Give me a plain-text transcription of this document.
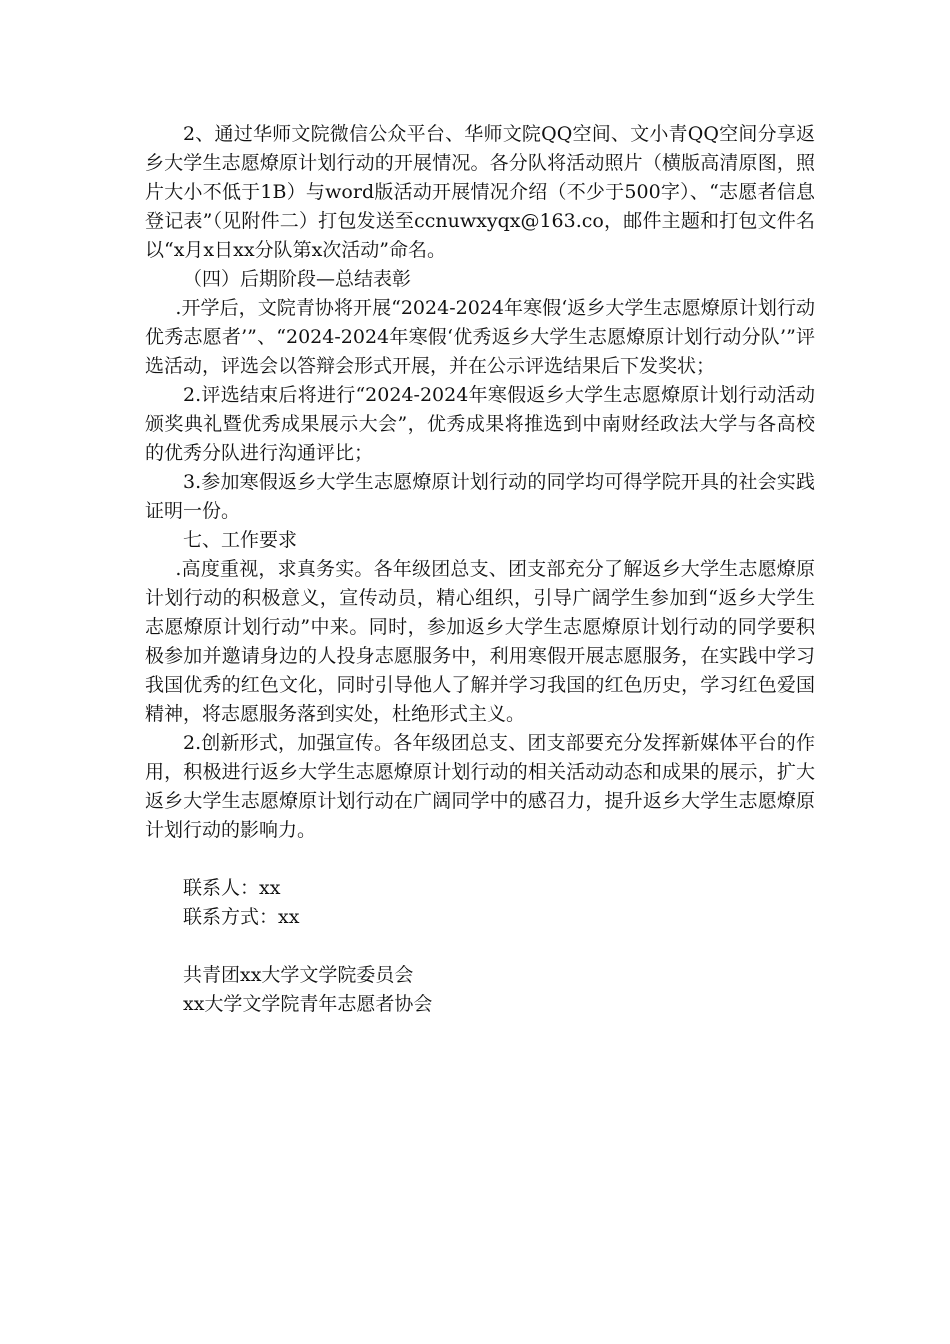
2、通过华师文院微信公众平台、华师文院QQ空间、文小青QQ空间分享返乡大学生志愿燎原计划行动的开展情况。各分队将活动照片（横版高清原图，照片大小不低于1B）与word版活动开展情况介绍（不少于500字）、“志愿者信息登记表”（见附件二）打包发送至ccnuwxyqx@163.co，邮件主题和打包文件名以“x月x日xx分队第x次活动”命名。

（四）后期阶段—总结表彰

.开学后，文院青协将开展“2024-2024年寒假‘返乡大学生志愿燎原计划行动优秀志愿者’”、“2024-2024年寒假‘优秀返乡大学生志愿燎原计划行动分队’”评选活动，评选会以答辩会形式开展，并在公示评选结果后下发奖状；

2.评选结束后将进行“2024-2024年寒假返乡大学生志愿燎原计划行动活动颁奖典礼暨优秀成果展示大会”，优秀成果将推选到中南财经政法大学与各高校的优秀分队进行沟通评比；

3.参加寒假返乡大学生志愿燎原计划行动的同学均可得学院开具的社会实践证明一份。

七、工作要求

.高度重视，求真务实。各年级团总支、团支部充分了解返乡大学生志愿燎原计划行动的积极意义，宣传动员，精心组织，引导广阔学生参加到“返乡大学生志愿燎原计划行动”中来。同时，参加返乡大学生志愿燎原计划行动的同学要积极参加并邀请身边的人投身志愿服务中，利用寒假开展志愿服务，在实践中学习我国优秀的红色文化，同时引导他人了解并学习我国的红色历史，学习红色爱国精神，将志愿服务落到实处，杜绝形式主义。

2.创新形式，加强宣传。各年级团总支、团支部要充分发挥新媒体平台的作用，积极进行返乡大学生志愿燎原计划行动的相关活动动态和成果的展示，扩大返乡大学生志愿燎原计划行动在广阔同学中的感召力，提升返乡大学生志愿燎原计划行动的影响力。

联系人：xx

联系方式：xx

共青团xx大学文学院委员会

xx大学文学院青年志愿者协会
